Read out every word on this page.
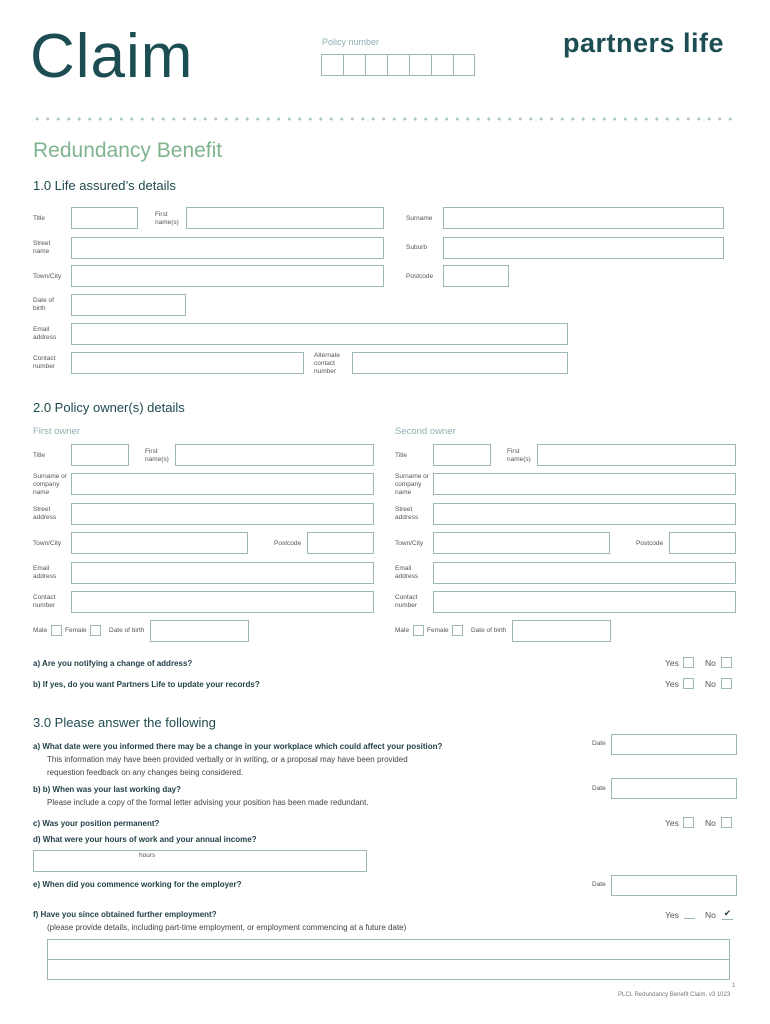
Claim	Policy number	partners life
Redundancy Benefit
1.0 Life assured’s details
Title
First name(s)
Surname
Street name
Suburb
Town/City	Postcode
Date of birth
Email address
Contact number
Alternate contact number
2.0 Policy owner(s) details
First owner	Second owner
Title
First name(s)
Surname or company name
Street address
Town/City	Postcode
Email address
Contact number
Male	Female	Date of birth
Title
First name(s)
Surname or company name
Street address
Town/City	Postcode
Email address
Contact number
Male	Female	Date of birth
a) Are you notifying a change of address?	Yes	No
b) If yes, do you want Partners Life to update your records?	Yes	No
3.0 Please answer the following
a) What date were you informed there may be a change in your workplace which could affect your position?
This information may have been provided verbally or in writing, or a proposal may have been provided
requestion feedback on any changes being considered.
Date
b) b) When was your last working day?
Please include a copy of the formal letter advising your position has been made redundant.
Date
c) Was your position permanent?	Yes	No
d) What were your hours of work and your annual income?
hours
e) When did you commence working for the employer?	Date
f) Have you since obtained further employment?
(please provide details, including part-time employment, or employment commencing at a future date)
Yes	No ✔
1
PLCL Redundancy Benefit Claim. v3 1023
